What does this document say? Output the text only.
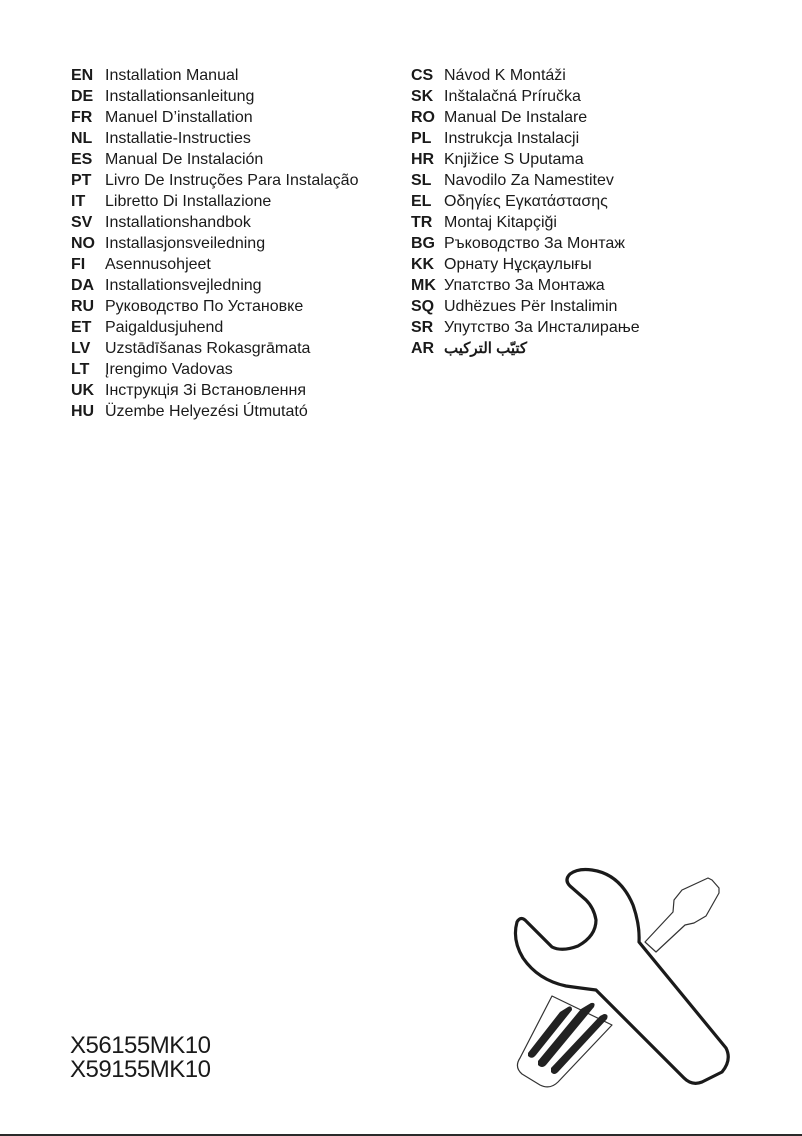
EN Installation Manual
DE Installationsanleitung
FR Manuel D’installation
NL Installatie-Instructies
ES Manual De Instalación
PT Livro De Instruções Para Instalação
IT	Libretto Di Installazione
SV Installationshandbok
NO Installasjonsveiledning
FI	Asennusohjeet
DA Installationsvejledning
RU Руководство По Установке
ET Paigaldusjuhend
LV Uzstādīšanas Rokasgrāmata
LT Įrengimo Vadovas
UK Інструкція Зі Встановлення
HU Üzembe Helyezési Útmutató
CS Návod K Montáži
SK Inštalačná Príručka
RO Manual De Instalare
PL Instrukcja Instalacji
HR Knjižice S Uputama
SL Navodilo Za Namestitev
EL Οδηγίες Εγκατάστασης
TR Montaj Kitapçiği
BG Ръководство За Монтаж
KK Орнату Нұсқаулығы
MK Упатство За Монтажа
SQ Udhëzues Për Instalimin
SR Упутство За Инсталирање
AR كتيّب التركيب
X56155MK10
X59155MK10
